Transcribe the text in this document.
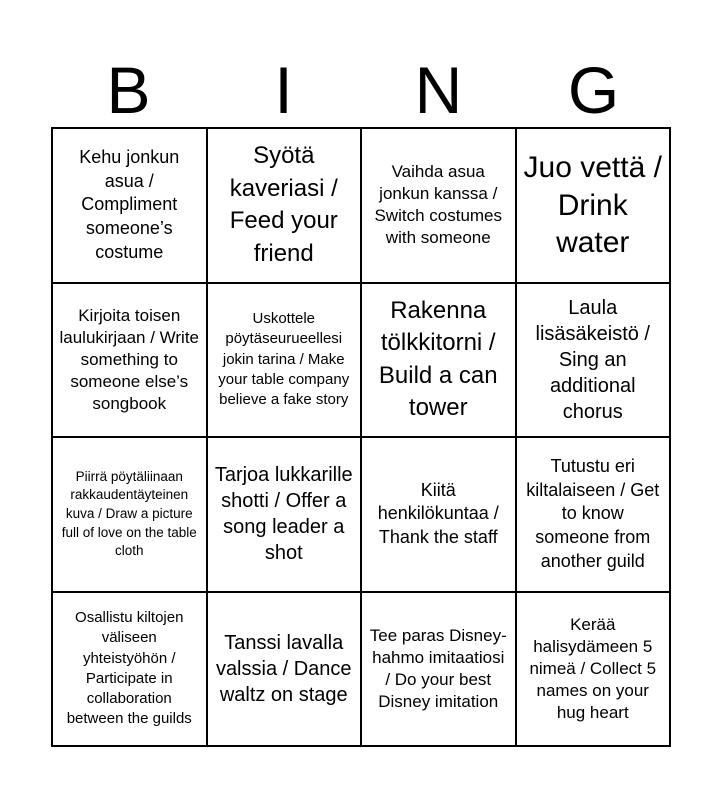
B	I	N	G
Kehu jonkun asua / Compliment someone’s costume
Syötä kaveriasi / Feed your friend
Vaihda asua jonkun kanssa / Switch costumes with someone
Juo vettä / Drink water
Kirjoita toisen laulukirjaan / Write something to someone else’s songbook
Uskottele pöytäseurueellesi jokin tarina / Make your table company believe a fake story
Rakenna tölkkitorni / Build a can tower
Laula lisäsäkeistö / Sing an additional chorus
Piirrä pöytäliinaan rakkaudentäyteinen kuva / Draw a picture full of love on the table cloth
Tarjoa lukkarille shotti / Offer a song leader a shot
Kiitä henkilökuntaa / Thank the staff
Tutustu eri kiltalaiseen / Get to know someone from another guild
Osallistu kiltojen väliseen yhteistyöhön / Participate in collaboration between the guilds
Tanssi lavalla valssia / Dance waltz on stage
Tee paras Disney-hahmo imitaatiosi / Do your best Disney imitation
Kerää halisydämeen 5 nimeä / Collect 5 names on your hug heart
